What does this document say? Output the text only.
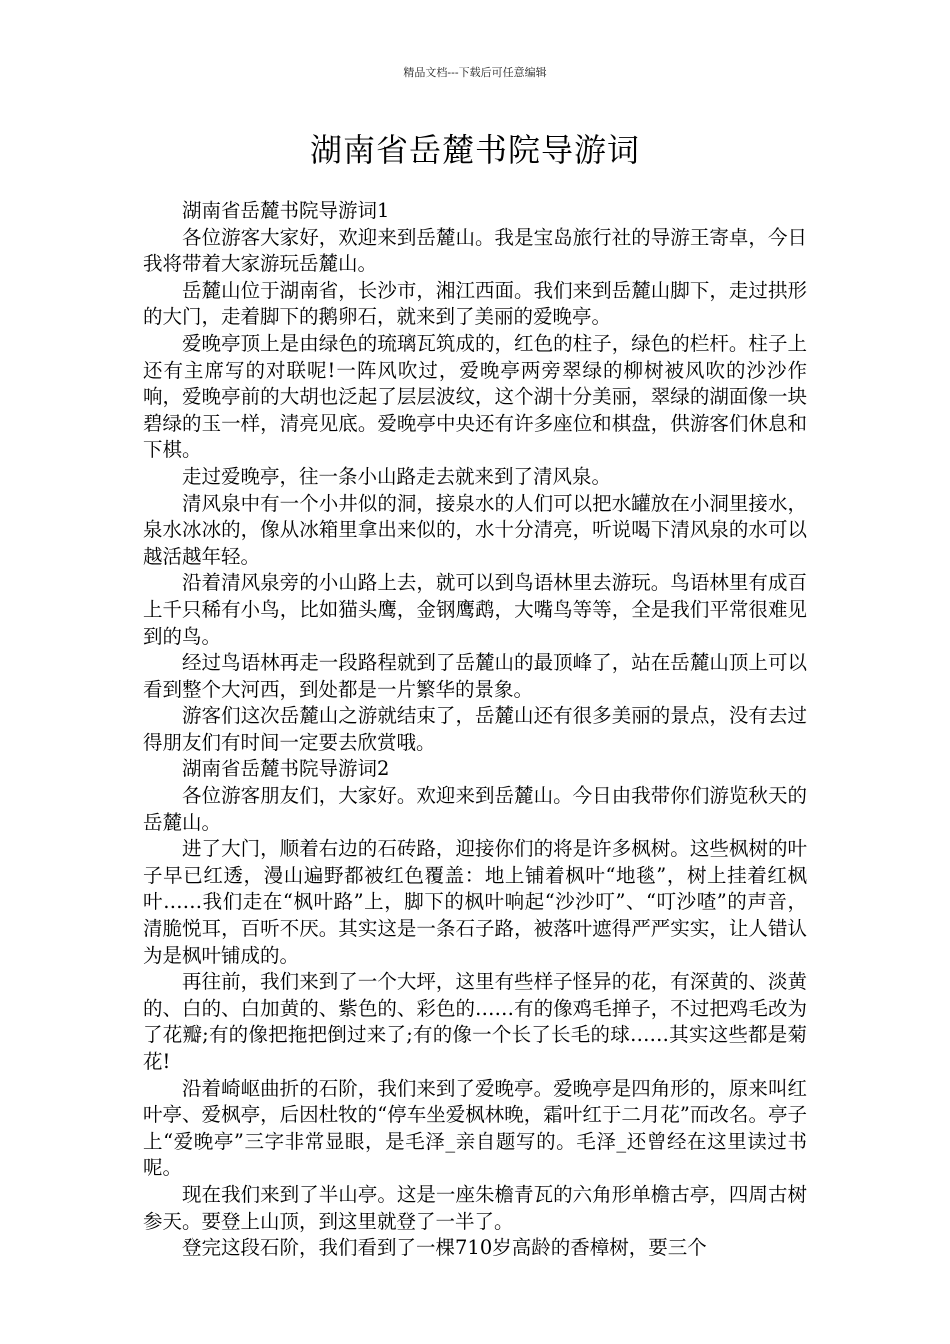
精品文档---下载后可任意编辑
湖南省岳麓书院导游词

湖南省岳麓书院导游词1

各位游客大家好，欢迎来到岳麓山。我是宝岛旅行社的导游王寄卓，今日我将带着大家游玩岳麓山。

岳麓山位于湖南省，长沙市，湘江西面。我们来到岳麓山脚下，走过拱形的大门，走着脚下的鹅卵石，就来到了美丽的爱晚亭。

爱晚亭顶上是由绿色的琉璃瓦筑成的，红色的柱子，绿色的栏杆。柱子上还有主席写的对联呢!一阵风吹过，爱晚亭两旁翠绿的柳树被风吹的沙沙作响，爱晚亭前的大胡也泛起了层层波纹，这个湖十分美丽，翠绿的湖面像一块碧绿的玉一样，清亮见底。爱晚亭中央还有许多座位和棋盘，供游客们休息和下棋。

走过爱晚亭，往一条小山路走去就来到了清风泉。

清风泉中有一个小井似的洞，接泉水的人们可以把水罐放在小洞里接水，泉水冰冰的，像从冰箱里拿出来似的，水十分清亮，听说喝下清风泉的水可以越活越年轻。

沿着清风泉旁的小山路上去，就可以到鸟语林里去游玩。鸟语林里有成百上千只稀有小鸟，比如猫头鹰，金钢鹰鹉，大嘴鸟等等，全是我们平常很难见到的鸟。

经过鸟语林再走一段路程就到了岳麓山的最顶峰了，站在岳麓山顶上可以看到整个大河西，到处都是一片繁华的景象。

游客们这次岳麓山之游就结束了，岳麓山还有很多美丽的景点，没有去过得朋友们有时间一定要去欣赏哦。

湖南省岳麓书院导游词2

各位游客朋友们，大家好。欢迎来到岳麓山。今日由我带你们游览秋天的岳麓山。

进了大门，顺着右边的石砖路，迎接你们的将是许多枫树。这些枫树的叶子早已红透，漫山遍野都被红色覆盖：地上铺着枫叶“地毯”，树上挂着红枫叶……我们走在“枫叶路”上，脚下的枫叶响起“沙沙叮”、“叮沙喳”的声音，清脆悦耳，百听不厌。其实这是一条石子路，被落叶遮得严严实实，让人错认为是枫叶铺成的。

再往前，我们来到了一个大坪，这里有些样子怪异的花，有深黄的、淡黄的、白的、白加黄的、紫色的、彩色的……有的像鸡毛掸子，不过把鸡毛改为了花瓣;有的像把拖把倒过来了;有的像一个长了长毛的球……其实这些都是菊花!

沿着崎岖曲折的石阶，我们来到了爱晚亭。爱晚亭是四角形的，原来叫红叶亭、爱枫亭，后因杜牧的“停车坐爱枫林晚，霜叶红于二月花”而改名。亭子上“爱晚亭”三字非常显眼，是毛泽_亲自题写的。毛泽_还曾经在这里读过书呢。

现在我们来到了半山亭。这是一座朱檐青瓦的六角形单檐古亭，四周古树参天。要登上山顶，到这里就登了一半了。

登完这段石阶，我们看到了一棵710岁高龄的香樟树，要三个
